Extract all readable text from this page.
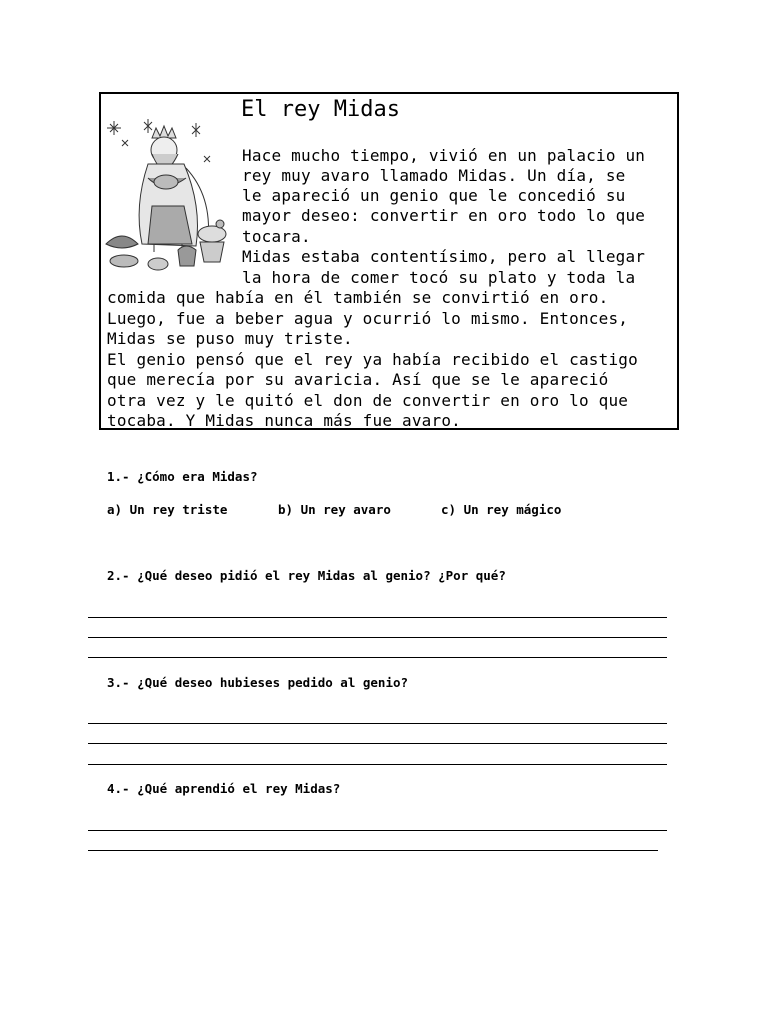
El rey Midas

Hace mucho tiempo, vivió en un palacio un

rey muy avaro llamado Midas. Un día, se

le apareció un genio que le concedió su

mayor deseo: convertir en oro todo lo que

tocara.

Midas estaba contentísimo, pero al llegar

la hora de comer tocó su plato y toda la

comida que había en él también se convirtió en oro.

Luego, fue a beber agua y ocurrió lo mismo. Entonces,

Midas se puso muy triste.

El genio pensó que el rey ya había recibido el castigo

que merecía por su avaricia. Así que se le apareció

otra vez y le quitó el don de convertir en oro lo que

tocaba. Y Midas nunca más fue avaro.

1.- ¿Cómo era Midas?

a) Un rey triste	b) Un rey avaro	c) Un rey mágico

2.- ¿Qué deseo pidió el rey Midas al genio? ¿Por qué?

3.- ¿Qué deseo hubieses pedido al genio?

4.- ¿Qué aprendió el rey Midas?
